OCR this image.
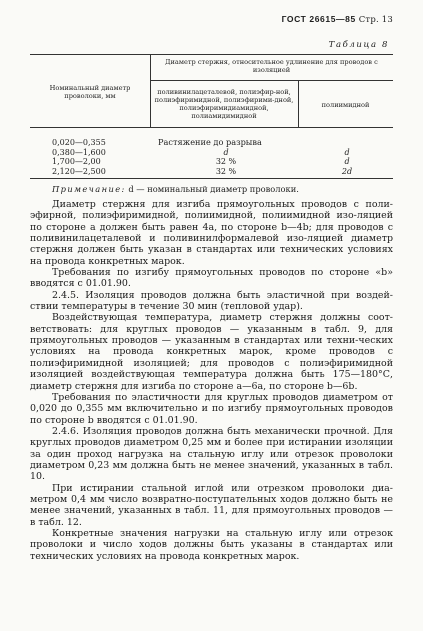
ГОСТ 26615—85 Стр. 13
Таблица 8
Номинальный диаметр проволоки, мм
Диаметр стержня, относительное удлинение для проводов с изоляцией
поливинилацеталевой, полиэфир-ной, полиэфиримидной, полиэфирими-дной, полиэфиримидиамидной, полиамидимидной
полиимидной
0,020—0,355
0,380—1,600
1,700—2,00
2,120—2,500
Растяжение до разрыва
d
32 %
32 %
d
d
2d
Примечание: d — номинальный диаметр проволоки.

Диаметр стержня для изгиба прямоугольных проводов с поли-эфирной, полиэфиримидной, полиимидной, полиимидной изо-ляцией по стороне a должен быть равен 4a, по стороне b—4b; для проводов с поливинилацеталевой и поливинилформалевой изо-ляцией диаметр стержня должен быть указан в стандартах или технических условиях на провода конкретных марок.

Требования по изгибу прямоугольных проводов по стороне «b» вводятся с 01.01.90.

2.4.5. Изоляция проводов должна быть эластичной при воздей-ствии температуры в течение 30 мин (тепловой удар).

Воздействующая температура, диаметр стержня должны соот-ветствовать: для круглых проводов — указанным в табл. 9, для прямоугольных проводов — указанным в стандартах или техни-ческих условиях на провода конкретных марок, кроме проводов с полиэфиримидной изоляцией; для проводов с полиэфиримидной изоляцией воздействующая температура должна быть 175—180°С, диаметр стержня для изгиба по стороне a—6a, по стороне b—6b.

Требования по эластичности для круглых проводов диаметром от 0,020 до 0,355 мм включительно и по изгибу прямоугольных проводов по стороне b вводятся с 01.01.90.

2.4.6. Изоляция проводов должна быть механически прочной. Для круглых проводов диаметром 0,25 мм и более при истирании изоляции за один проход нагрузка на стальную иглу или отрезок проволоки диаметром 0,23 мм должна быть не менее значений, указанных в табл. 10.

При истирании стальной иглой или отрезком проволоки диа-метром 0,4 мм число возвратно-поступательных ходов должно быть не менее значений, указанных в табл. 11, для прямоугольных проводов — в табл. 12.

Конкретные значения нагрузки на стальную иглу или отрезок проволоки и число ходов должны быть указаны в стандартах или технических условиях на провода конкретных марок.
